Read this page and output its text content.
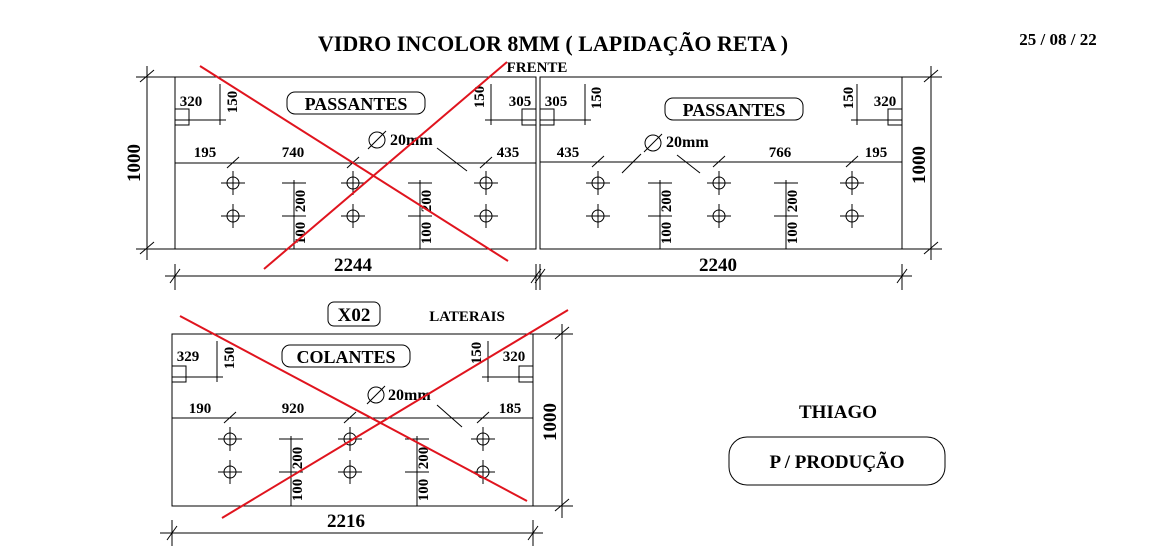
VIDRO INCOLOR 8MM ( LAPIDAÇÃO RETA )	25 / 08 / 22
FRENTE
1000
2244
320 150	305
150
PASSANTES
195	740	435
20mm
200
100
200
100
1000
2240
305 150	320
150
PASSANTES
435	766	195
20mm
200
100
200
100
X02	LATERAIS
1000
2216
329 150	320
150
COLANTES
190	920	185
20mm
200
100
200
100
THIAGO
P / PRODUÇÃO
